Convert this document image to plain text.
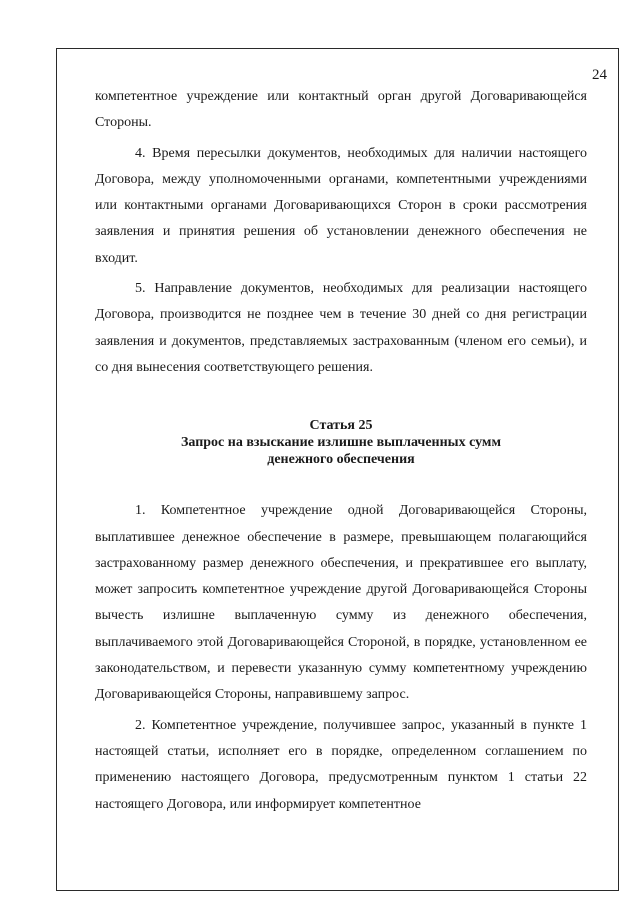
24

компетентное учреждение или контактный орган другой Договаривающейся Стороны.

4. Время пересылки документов, необходимых для наличии настоящего Договора, между уполномоченными органами, компетентными учреждениями или контактными органами Договаривающихся Сторон в сроки рассмотрения заявления и принятия решения об установлении денежного обеспечения не входит.

5. Направление документов, необходимых для реализации настоящего Договора, производится не позднее чем в течение 30 дней со дня регистрации заявления и документов, представляемых застрахованным (членом его семьи), и со дня вынесения соответствующего решения.

Статья 25
Запрос на взыскание излишне выплаченных сумм
денежного обеспечения

1. Компетентное учреждение одной Договаривающейся Стороны, выплатившее денежное обеспечение в размере, превышающем полагающийся застрахованному размер денежного обеспечения, и прекратившее его выплату, может запросить компетентное учреждение другой Договаривающейся Стороны вычесть излишне выплаченную сумму из денежного обеспечения, выплачиваемого этой Договаривающейся Стороной, в порядке, установленном ее законодательством, и перевести указанную сумму компетентному учреждению Договаривающейся Стороны, направившему запрос.

2. Компетентное учреждение, получившее запрос, указанный в пункте 1 настоящей статьи, исполняет его в порядке, определенном соглашением по применению настоящего Договора, предусмотренным пунктом 1 статьи 22 настоящего Договора, или информирует компетентное
